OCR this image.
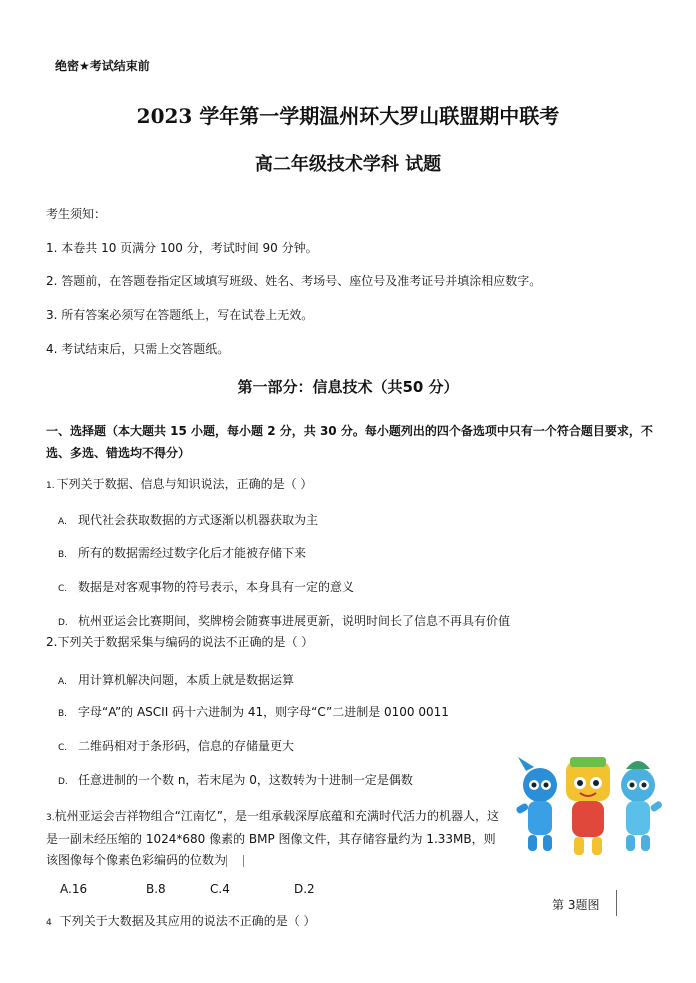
绝密★考试结束前
2023 学年第一学期温州环大罗山联盟期中联考
高二年级技术学科 试题
考生须知：
1. 本卷共 10 页满分 100 分，考试时间 90 分钟。
2. 答题前，在答题卷指定区域填写班级、姓名、考场号、座位号及准考证号并填涂相应数字。
3. 所有答案必须写在答题纸上，写在试卷上无效。
4. 考试结束后，只需上交答题纸。
第一部分：信息技术（共50 分）
一、选择题（本大题共 15 小题，每小题 2 分，共 30 分。每小题列出的四个备选项中只有一个符合题目要求，不选、多选、错选均不得分）
1. 下列关于数据、信息与知识说法，正确的是（ ）
A. 现代社会获取数据的方式逐渐以机器获取为主
B. 所有的数据需经过数字化后才能被存储下来
C. 数据是对客观事物的符号表示，本身具有一定的意义
D. 杭州亚运会比赛期间，奖牌榜会随赛事进展更新，说明时间长了信息不再具有价值
2.下列关于数据采集与编码的说法不正确的是（ ）
A. 用计算机解决问题，本质上就是数据运算
B. 字母“A”的 ASCII 码十六进制为 41，则字母“C”二进制是 0100 0011
C. 二维码相对于条形码，信息的存储量更大
D. 任意进制的一个数 n，若末尾为 0，这数转为十进制一定是偶数
3.杭州亚运会吉祥物组合“江南忆”，是一组承载深厚底蕴和充满时代活力的机器人，这是一副未经压缩的 1024*680 像素的 BMP 图像文件，其存储容量约为 1.33MB，则该图像每个像素色彩编码的位数为
A.16	B.8	C.4	D.2
第 3题图
4 下列关于大数据及其应用的说法不正确的是（ ）
